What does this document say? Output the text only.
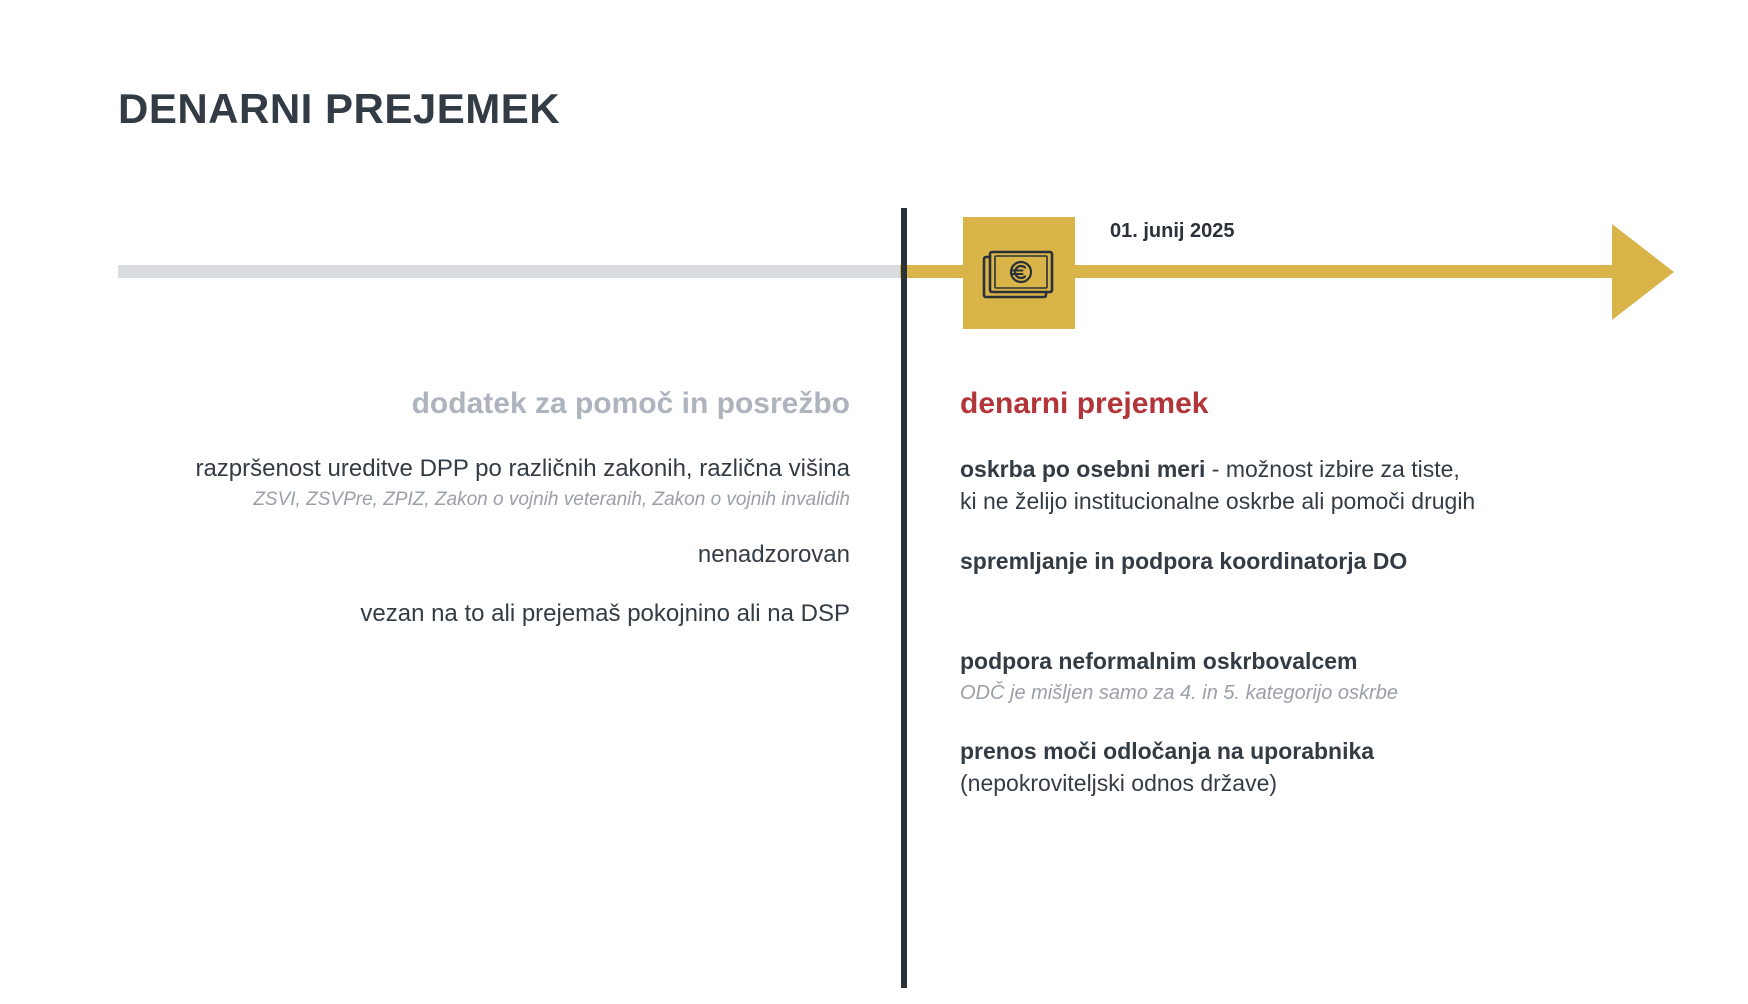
DENARNI PREJEMEK
01. junij 2025
dodatek za pomoč in posrežbo
razpršenost ureditve DPP po različnih zakonih, različna višina
ZSVI, ZSVPre, ZPIZ, Zakon o vojnih veteranih, Zakon o vojnih invalidih
nenadzorovan
vezan na to ali prejemaš pokojnino ali na DSP
denarni prejemek
oskrba po osebni meri - možnost izbire za tiste,
ki ne želijo institucionalne oskrbe ali pomoči drugih
spremljanje in podpora koordinatorja DO
podpora neformalnim oskrbovalcem
ODČ je mišljen samo za 4. in 5. kategorijo oskrbe
prenos moči odločanja na uporabnika
(nepokroviteljski odnos države)
